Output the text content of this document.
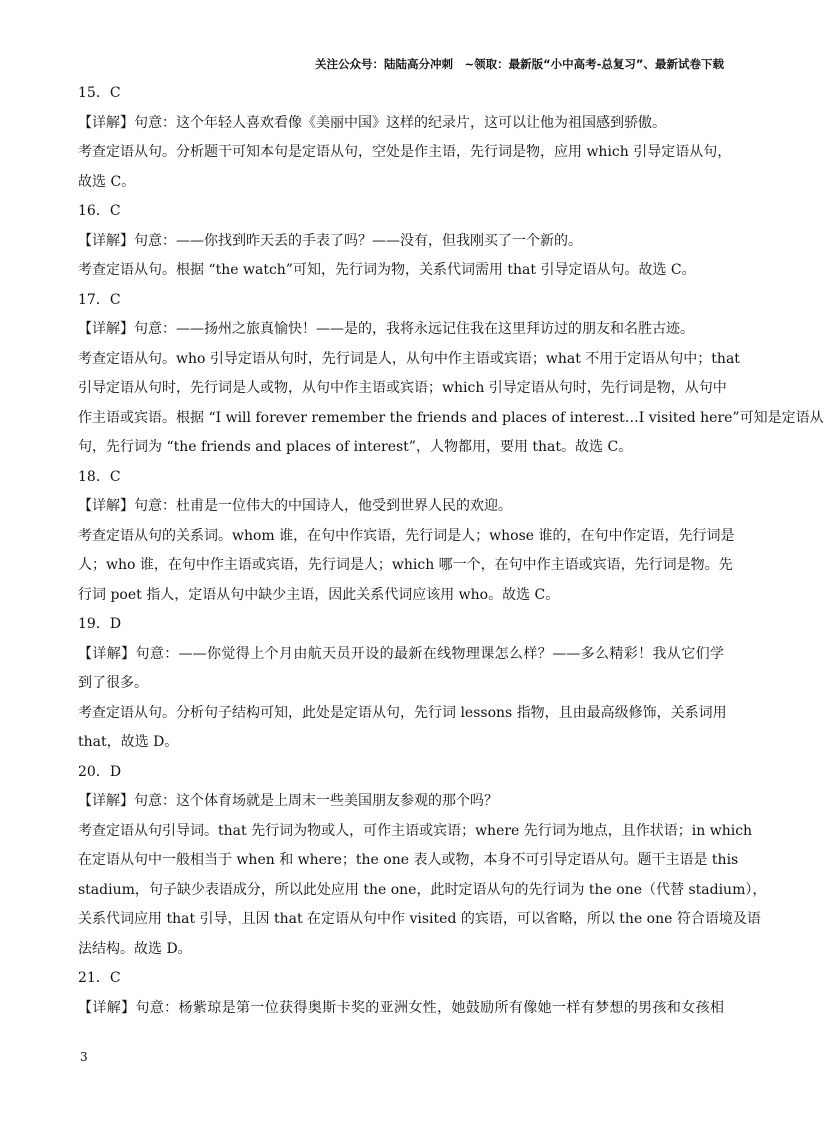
关注公众号：陆陆高分冲刺　~领取：最新版“小中高考-总复习”、最新试卷下载
15．C
【详解】句意：这个年轻人喜欢看像《美丽中国》这样的纪录片，这可以让他为祖国感到骄傲。
考查定语从句。分析题干可知本句是定语从句，空处是作主语，先行词是物，应用 which 引导定语从句，
故选 C。
16．C
【详解】句意：——你找到昨天丢的手表了吗？——没有，但我刚买了一个新的。
考查定语从句。根据 “the watch”可知，先行词为物，关系代词需用 that 引导定语从句。故选 C。
17．C
【详解】句意：——扬州之旅真愉快！——是的，我将永远记住我在这里拜访过的朋友和名胜古迹。
考查定语从句。who 引导定语从句时，先行词是人，从句中作主语或宾语；what 不用于定语从句中；that
引导定语从句时，先行词是人或物，从句中作主语或宾语；which 引导定语从句时，先行词是物，从句中
作主语或宾语。根据 “I will forever remember the friends and places of interest…I visited here”可知是定语从
句，先行词为 “the friends and places of interest”，人物都用，要用 that。故选 C。
18．C
【详解】句意：杜甫是一位伟大的中国诗人，他受到世界人民的欢迎。
考查定语从句的关系词。whom 谁，在句中作宾语，先行词是人；whose 谁的，在句中作定语，先行词是
人；who 谁，在句中作主语或宾语，先行词是人；which 哪一个，在句中作主语或宾语，先行词是物。先
行词 poet 指人，定语从句中缺少主语，因此关系代词应该用 who。故选 C。
19．D
【详解】句意：——你觉得上个月由航天员开设的最新在线物理课怎么样？——多么精彩！我从它们学
到了很多。
考查定语从句。分析句子结构可知，此处是定语从句，先行词 lessons 指物，且由最高级修饰，关系词用
that，故选 D。
20．D
【详解】句意：这个体育场就是上周末一些美国朋友参观的那个吗？
考查定语从句引导词。that 先行词为物或人，可作主语或宾语；where 先行词为地点，且作状语；in which
在定语从句中一般相当于 when 和 where；the one 表人或物，本身不可引导定语从句。题干主语是 this
stadium，句子缺少表语成分，所以此处应用 the one，此时定语从句的先行词为 the one（代替 stadium），
关系代词应用 that 引导，且因 that 在定语从句中作 visited 的宾语，可以省略，所以 the one 符合语境及语
法结构。故选 D。
21．C
【详解】句意：杨紫琼是第一位获得奥斯卡奖的亚洲女性，她鼓励所有像她一样有梦想的男孩和女孩相
3
